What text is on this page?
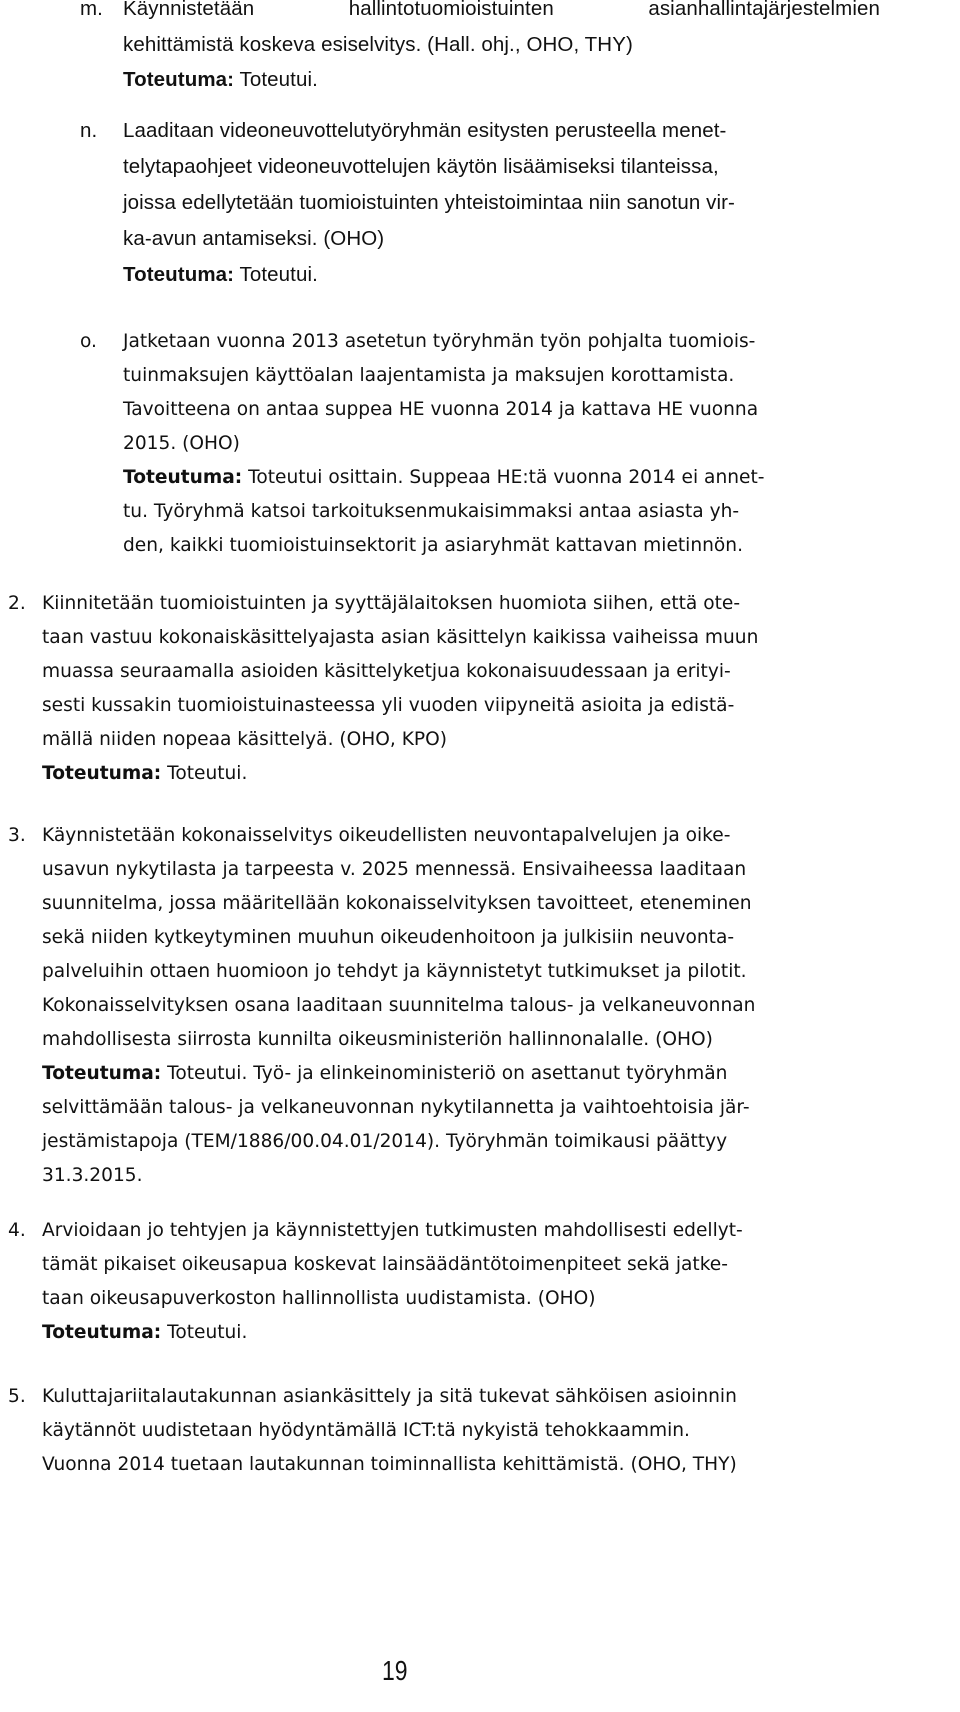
m. Käynnistetään	hallintotuomioistuinten	asianhallintajärjestelmien
kehittämistä koskeva esiselvitys. (Hall. ohj., OHO, THY)
Toteutuma: Toteutui.
n. Laaditaan videoneuvottelutyöryhmän esitysten perusteella menet-
telytapaohjeet videoneuvottelujen käytön lisäämiseksi tilanteissa,
joissa edellytetään tuomioistuinten yhteistoimintaa niin sanotun vir-
ka-avun antamiseksi. (OHO)
Toteutuma: Toteutui.
o. Jatketaan vuonna 2013 asetetun työryhmän työn pohjalta tuomiois-
tuinmaksujen käyttöalan laajentamista ja maksujen korottamista.
Tavoitteena on antaa suppea HE vuonna 2014 ja kattava HE vuonna
2015. (OHO)
Toteutuma: Toteutui osittain. Suppeaa HE:tä vuonna 2014 ei annet-
tu. Työryhmä katsoi tarkoituksenmukaisimmaksi antaa asiasta yh-
den, kaikki tuomioistuinsektorit ja asiaryhmät kattavan mietinnön.
2. Kiinnitetään tuomioistuinten ja syyttäjälaitoksen huomiota siihen, että ote-
taan vastuu kokonaiskäsittelyajasta asian käsittelyn kaikissa vaiheissa muun
muassa seuraamalla asioiden käsittelyketjua kokonaisuudessaan ja erityi-
sesti kussakin tuomioistuinasteessa yli vuoden viipyneitä asioita ja edistä-
mällä niiden nopeaa käsittelyä. (OHO, KPO)
Toteutuma: Toteutui.
3. Käynnistetään kokonaisselvitys oikeudellisten neuvontapalvelujen ja oike-
usavun nykytilasta ja tarpeesta v. 2025 mennessä. Ensivaiheessa laaditaan
suunnitelma, jossa määritellään kokonaisselvityksen tavoitteet, eteneminen
sekä niiden kytkeytyminen muuhun oikeudenhoitoon ja julkisiin neuvonta-
palveluihin ottaen huomioon jo tehdyt ja käynnistetyt tutkimukset ja pilotit.
Kokonaisselvityksen osana laaditaan suunnitelma talous- ja velkaneuvonnan
mahdollisesta siirrosta kunnilta oikeusministeriön hallinnonalalle. (OHO)
Toteutuma: Toteutui. Työ- ja elinkeinoministeriö on asettanut työryhmän
selvittämään talous- ja velkaneuvonnan nykytilannetta ja vaihtoehtoisia jär-
jestämistapoja (TEM/1886/00.04.01/2014). Työryhmän toimikausi päättyy
31.3.2015.
4. Arvioidaan jo tehtyjen ja käynnistettyjen tutkimusten mahdollisesti edellyt-
tämät pikaiset oikeusapua koskevat lainsäädäntötoimenpiteet sekä jatke-
taan oikeusapuverkoston hallinnollista uudistamista. (OHO)
Toteutuma: Toteutui.
5. Kuluttajariitalautakunnan asiankäsittely ja sitä tukevat sähköisen asioinnin
käytännöt uudistetaan hyödyntämällä ICT:tä nykyistä tehokkaammin.
Vuonna 2014 tuetaan lautakunnan toiminnallista kehittämistä. (OHO, THY)
19
